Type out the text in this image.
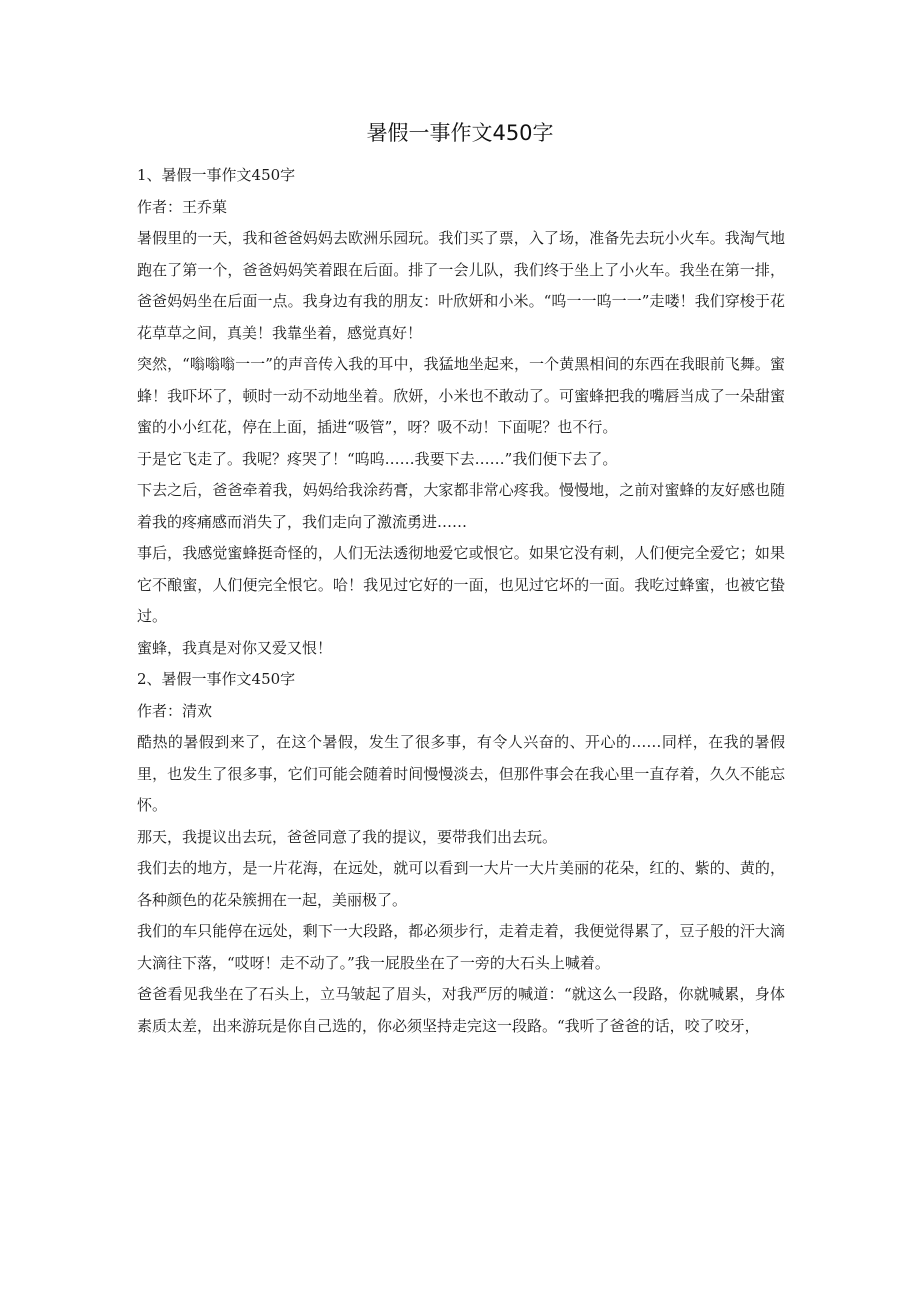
暑假一事作文450字

1、暑假一事作文450字

作者：王乔菓

暑假里的一天，我和爸爸妈妈去欧洲乐园玩。我们买了票，入了场，准备先去玩小火车。我淘气地跑在了第一个，爸爸妈妈笑着跟在后面。排了一会儿队，我们终于坐上了小火车。我坐在第一排，爸爸妈妈坐在后面一点。我身边有我的朋友：叶欣妍和小米。“呜一一呜一一”走喽！我们穿梭于花花草草之间，真美！我靠坐着，感觉真好！

突然，“嗡嗡嗡一一”的声音传入我的耳中，我猛地坐起来，一个黄黑相间的东西在我眼前飞舞。蜜蜂！我吓坏了，顿时一动不动地坐着。欣妍，小米也不敢动了。可蜜蜂把我的嘴唇当成了一朵甜蜜蜜的小小红花，停在上面，插进“吸管”，呀？吸不动！下面呢？也不行。

于是它飞走了。我呢？疼哭了！“呜呜……我要下去……”我们便下去了。

下去之后，爸爸牵着我，妈妈给我涂药膏，大家都非常心疼我。慢慢地，之前对蜜蜂的友好感也随着我的疼痛感而消失了，我们走向了激流勇进……

事后，我感觉蜜蜂挺奇怪的，人们无法透彻地爱它或恨它。如果它没有刺，人们便完全爱它；如果它不酿蜜，人们便完全恨它。哈！我见过它好的一面，也见过它坏的一面。我吃过蜂蜜，也被它蛰过。

蜜蜂，我真是对你又爱又恨！

2、暑假一事作文450字

作者：清欢

酷热的暑假到来了，在这个暑假，发生了很多事，有令人兴奋的、开心的……同样，在我的暑假里，也发生了很多事，它们可能会随着时间慢慢淡去，但那件事会在我心里一直存着，久久不能忘怀。

那天，我提议出去玩，爸爸同意了我的提议，要带我们出去玩。

我们去的地方，是一片花海，在远处，就可以看到一大片一大片美丽的花朵，红的、紫的、黄的，各种颜色的花朵簇拥在一起，美丽极了。

我们的车只能停在远处，剩下一大段路，都必须步行，走着走着，我便觉得累了，豆子般的汗大滴大滴往下落，“哎呀！走不动了。”我一屁股坐在了一旁的大石头上喊着。

爸爸看见我坐在了石头上，立马皱起了眉头，对我严厉的喊道：“就这么一段路，你就喊累，身体素质太差，出来游玩是你自己选的，你必须坚持走完这一段路。“我听了爸爸的话，咬了咬牙，
